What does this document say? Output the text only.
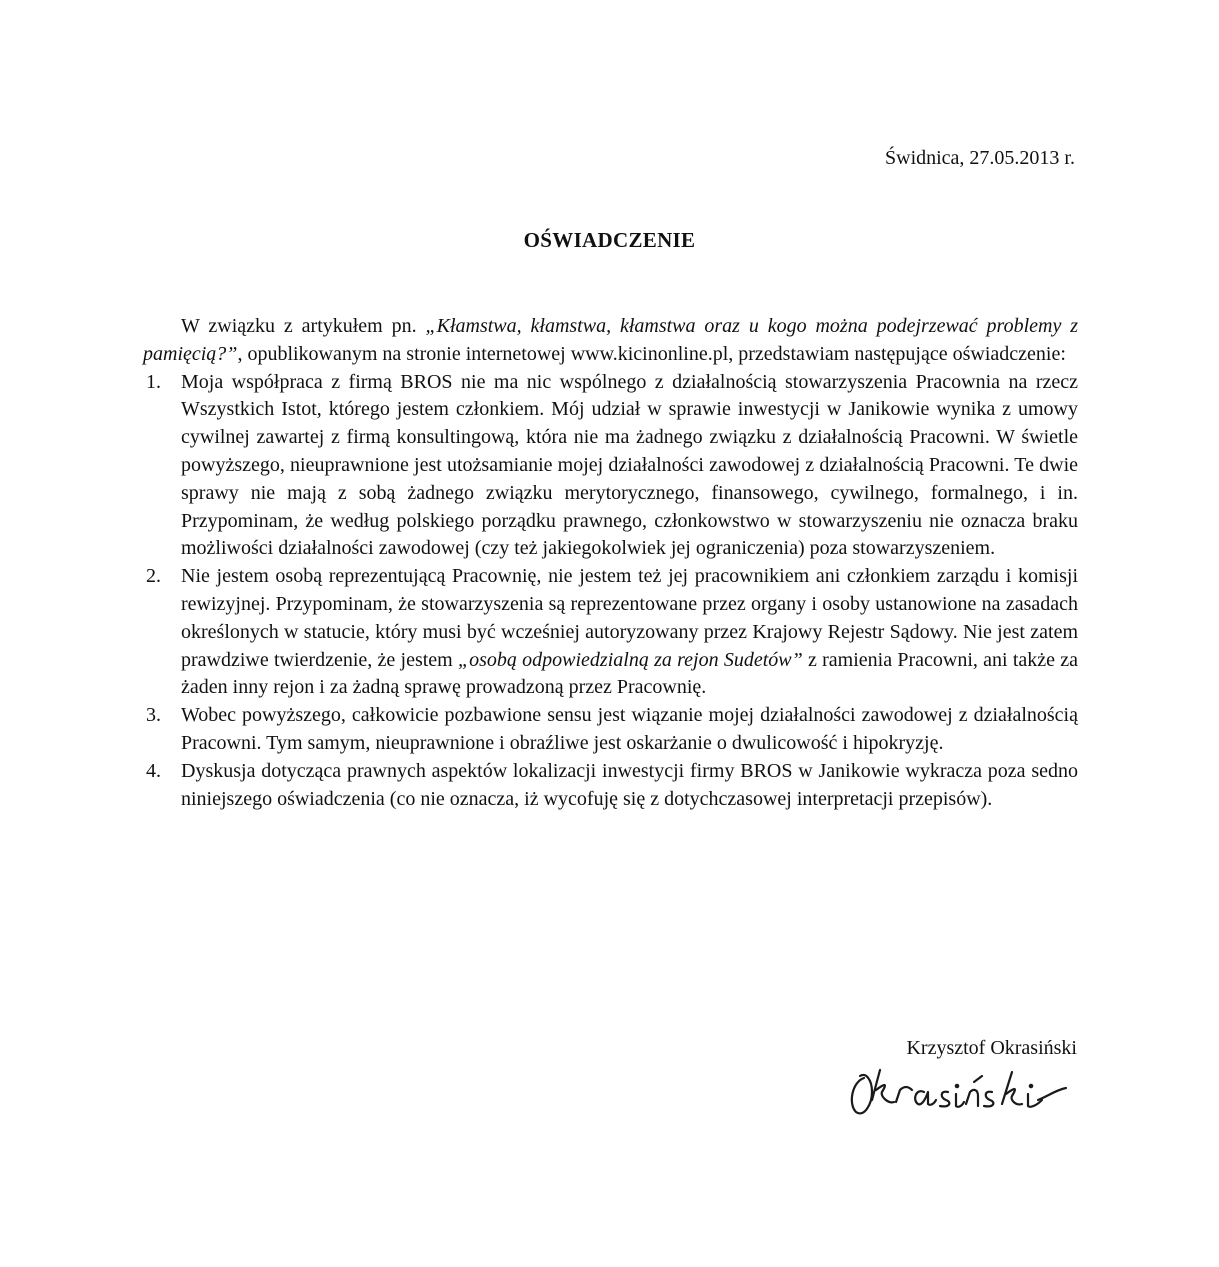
Świdnica, 27.05.2013 r.
OŚWIADCZENIE

W związku z artykułem pn. „Kłamstwa, kłamstwa, kłamstwa oraz u kogo można podejrzewać problemy z pamięcią?”, opublikowanym na stronie internetowej www.kicinonline.pl, przedstawiam następujące oświadczenie:

1. Moja współpraca z firmą BROS nie ma nic wspólnego z działalnością stowarzyszenia Pracownia na rzecz Wszystkich Istot, którego jestem członkiem. Mój udział w sprawie inwestycji w Janikowie wynika z umowy cywilnej zawartej z firmą konsultingową, która nie ma żadnego związku z działalnością Pracowni. W świetle powyższego, nieuprawnione jest utożsamianie mojej działalności zawodowej z działalnością Pracowni. Te dwie sprawy nie mają z sobą żadnego związku merytorycznego, finansowego, cywilnego, formalnego, i in. Przypominam, że według polskiego porządku prawnego, członkowstwo w stowarzyszeniu nie oznacza braku możliwości działalności zawodowej (czy też jakiegokolwiek jej ograniczenia) poza stowarzyszeniem.
2. Nie jestem osobą reprezentującą Pracownię, nie jestem też jej pracownikiem ani członkiem zarządu i komisji rewizyjnej. Przypominam, że stowarzyszenia są reprezentowane przez organy i osoby ustanowione na zasadach określonych w statucie, który musi być wcześniej autoryzowany przez Krajowy Rejestr Sądowy. Nie jest zatem prawdziwe twierdzenie, że jestem „osobą odpowiedzialną za rejon Sudetów” z ramienia Pracowni, ani także za żaden inny rejon i za żadną sprawę prowadzoną przez Pracownię.
3. Wobec powyższego, całkowicie pozbawione sensu jest wiązanie mojej działalności zawodowej z działalnością Pracowni. Tym samym, nieuprawnione i obraźliwe jest oskarżanie o dwulicowość i hipokryzję.
4. Dyskusja dotycząca prawnych aspektów lokalizacji inwestycji firmy BROS w Janikowie wykracza poza sedno niniejszego oświadczenia (co nie oznacza, iż wycofuję się z dotychczasowej interpretacji przepisów).
Krzysztof Okrasiński
